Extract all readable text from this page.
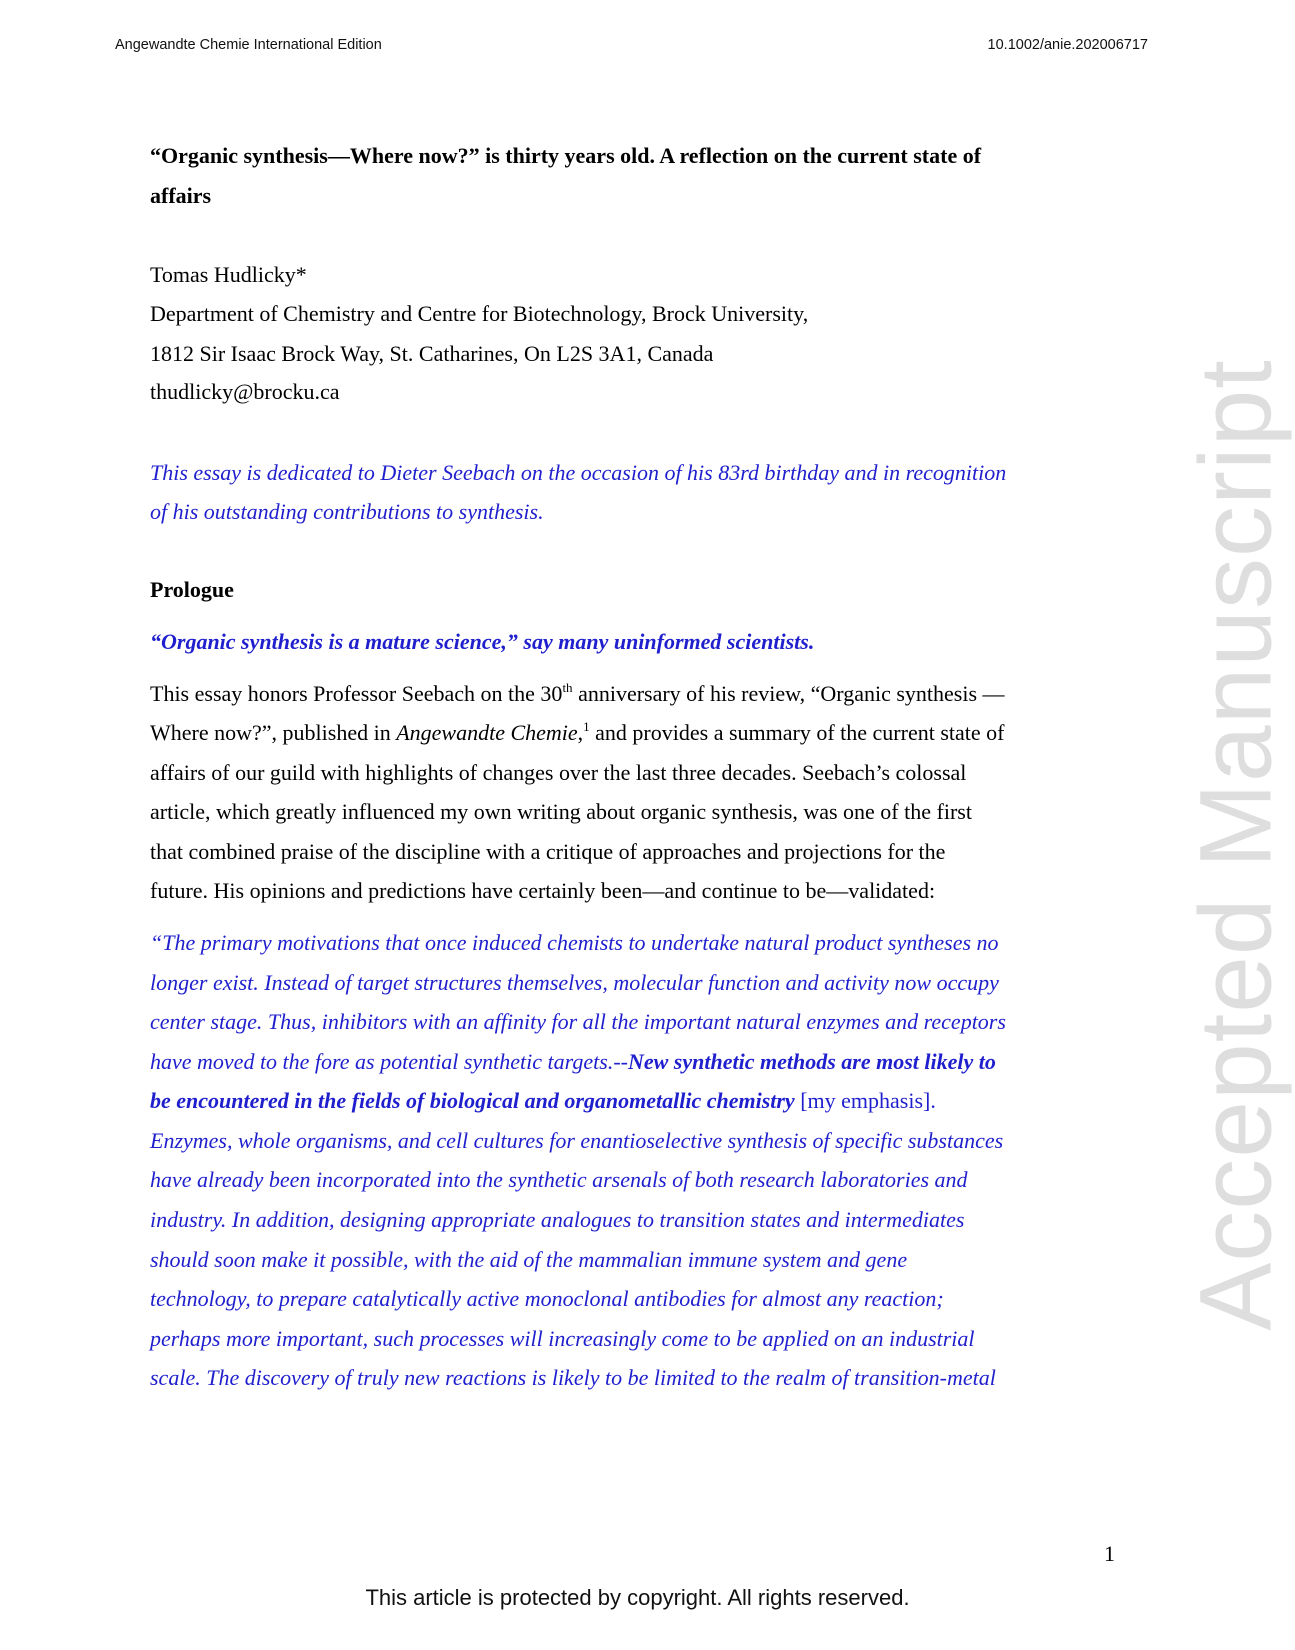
Angewandte Chemie International Edition	10.1002/anie.202006717
“Organic synthesis—Where now?” is thirty years old. A reflection on the current state of
affairs
Tomas Hudlicky*
Department of Chemistry and Centre for Biotechnology, Brock University,
1812 Sir Isaac Brock Way, St. Catharines, On L2S 3A1, Canada
thudlicky@brocku.ca
This essay is dedicated to Dieter Seebach on the occasion of his 83rd birthday and in recognition
of his outstanding contributions to synthesis.
Prologue
“Organic synthesis is a mature science,” say many uninformed scientists.
This essay honors Professor Seebach on the 30th anniversary of his review, “Organic synthesis —
Where now?”, published in Angewandte Chemie,$^1$ and provides a summary of the current state of
affairs of our guild with highlights of changes over the last three decades. Seebach’s colossal
article, which greatly influenced my own writing about organic synthesis, was one of the first
that combined praise of the discipline with a critique of approaches and projections for the
future. His opinions and predictions have certainly been—and continue to be—validated:
“The primary motivations that once induced chemists to undertake natural product syntheses no
longer exist. Instead of target structures themselves, molecular function and activity now occupy
center stage. Thus, inhibitors with an affinity for all the important natural enzymes and receptors
have moved to the fore as potential synthetic targets.--New synthetic methods are most likely to
be encountered in the fields of biological and organometallic chemistry [my emphasis].
Enzymes, whole organisms, and cell cultures for enantioselective synthesis of specific substances
have already been incorporated into the synthetic arsenals of both research laboratories and
industry. In addition, designing appropriate analogues to transition states and intermediates
should soon make it possible, with the aid of the mammalian immune system and gene
technology, to prepare catalytically active monoclonal antibodies for almost any reaction;
perhaps more important, such processes will increasingly come to be applied on an industrial
scale. The discovery of truly new reactions is likely to be limited to the realm of transition-metal
Accepted Manuscript
1
This article is protected by copyright. All rights reserved.
